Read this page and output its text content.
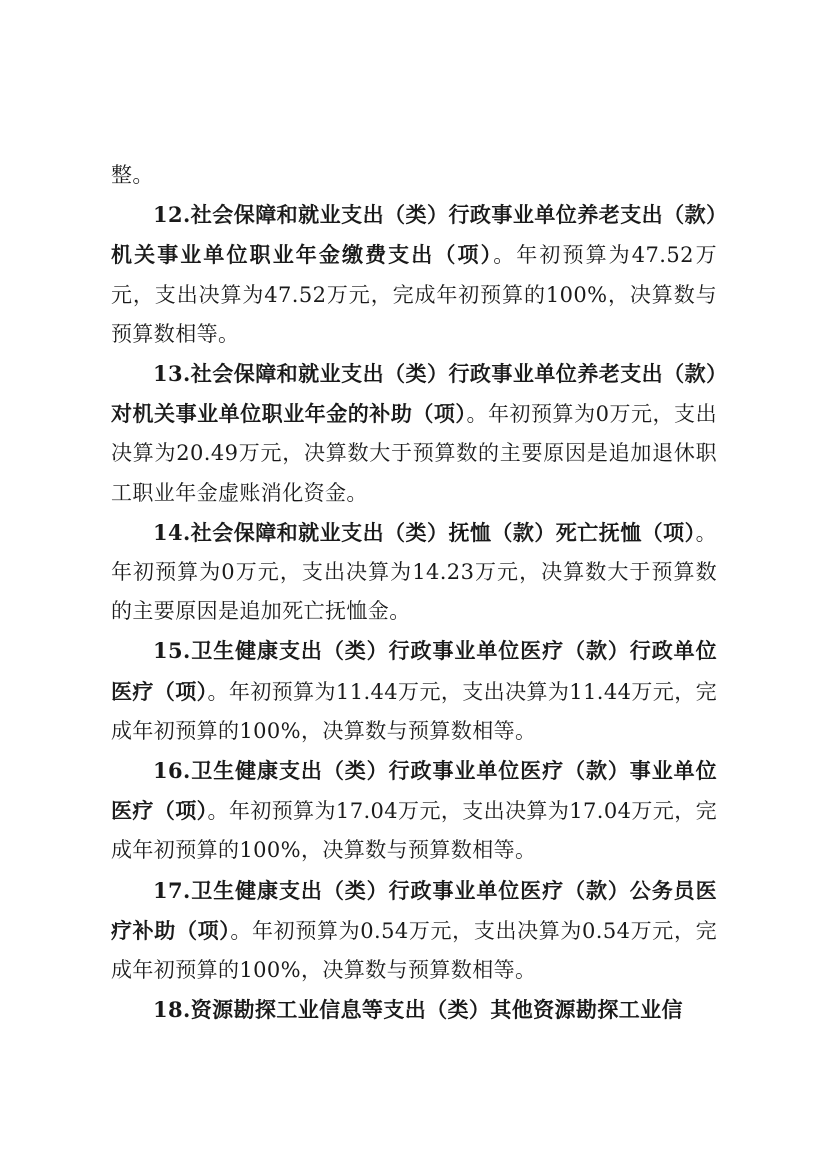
整。

12.社会保障和就业支出（类）行政事业单位养老支出（款）机关事业单位职业年金缴费支出（项）。年初预算为47.52万元，支出决算为47.52万元，完成年初预算的100%，决算数与预算数相等。

13.社会保障和就业支出（类）行政事业单位养老支出（款）对机关事业单位职业年金的补助（项）。年初预算为0万元，支出决算为20.49万元，决算数大于预算数的主要原因是追加退休职工职业年金虚账消化资金。

14.社会保障和就业支出（类）抚恤（款）死亡抚恤（项）。年初预算为0万元，支出决算为14.23万元，决算数大于预算数的主要原因是追加死亡抚恤金。

15.卫生健康支出（类）行政事业单位医疗（款）行政单位医疗（项）。年初预算为11.44万元，支出决算为11.44万元，完成年初预算的100%，决算数与预算数相等。

16.卫生健康支出（类）行政事业单位医疗（款）事业单位医疗（项）。年初预算为17.04万元，支出决算为17.04万元，完成年初预算的100%，决算数与预算数相等。

17.卫生健康支出（类）行政事业单位医疗（款）公务员医疗补助（项）。年初预算为0.54万元，支出决算为0.54万元，完成年初预算的100%，决算数与预算数相等。

18.资源勘探工业信息等支出（类）其他资源勘探工业信
